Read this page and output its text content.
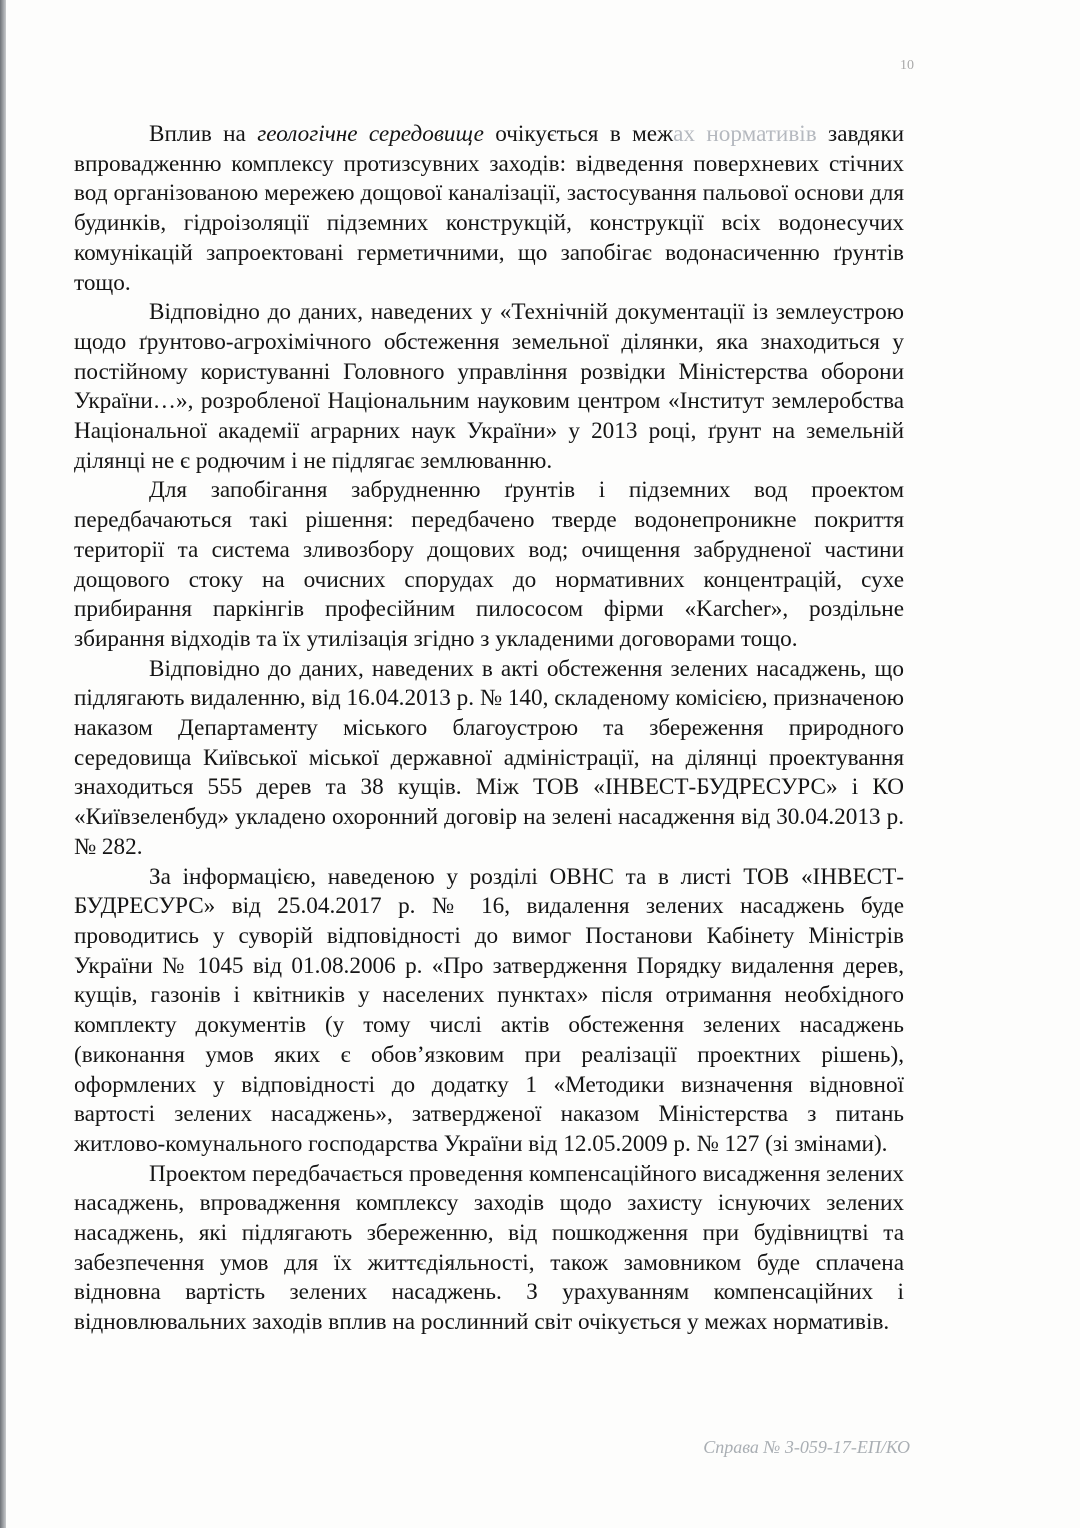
10

Вплив на геологічне середовище очікується в межах нормативів завдяки впровадженню комплексу протизсувних заходів: відведення поверхневих стічних вод організованою мережею дощової каналізації, застосування пальової основи для будинків, гідроізоляції підземних конструкцій, конструкції всіх водонесучих комунікацій запроектовані герметичними, що запобігає водонасиченню ґрунтів тощо.

Відповідно до даних, наведених у «Технічній документації із землеустрою щодо ґрунтово-агрохімічного обстеження земельної ділянки, яка знаходиться у постійному користуванні Головного управління розвідки Міністерства оборони України…», розробленої Національним науковим центром «Інститут землеробства Національної академії аграрних наук України» у 2013 році, ґрунт на земельній ділянці не є родючим і не підлягає землюванню.

Для запобігання забрудненню ґрунтів і підземних вод проектом передбачаються такі рішення: передбачено тверде водонепроникне покриття території та система зливозбору дощових вод; очищення забрудненої частини дощового стоку на очисних спорудах до нормативних концентрацій, сухе прибирання паркінгів професійним пилососом фірми «Karcher», роздільне збирання відходів та їх утилізація згідно з укладеними договорами тощо.

Відповідно до даних, наведених в акті обстеження зелених насаджень, що підлягають видаленню, від 16.04.2013 р. № 140, складеному комісією, призначеною наказом Департаменту міського благоустрою та збереження природного середовища Київської міської державної адміністрації, на ділянці проектування знаходиться 555 дерев та 38 кущів. Між ТОВ «ІНВЕСТ-БУДРЕСУРС» і КО «Київзеленбуд» укладено охоронний договір на зелені насадження від 30.04.2013 р. № 282.

За інформацією, наведеною у розділі ОВНС та в листі ТОВ «ІНВЕСТ-БУДРЕСУРС» від 25.04.2017 р. № 16, видалення зелених насаджень буде проводитись у суворій відповідності до вимог Постанови Кабінету Міністрів України № 1045 від 01.08.2006 р. «Про затвердження Порядку видалення дерев, кущів, газонів і квітників у населених пунктах» після отримання необхідного комплекту документів (у тому числі актів обстеження зелених насаджень (виконання умов яких є обов’язковим при реалізації проектних рішень), оформлених у відповідності до додатку 1 «Методики визначення відновної вартості зелених насаджень», затвердженої наказом Міністерства з питань житлово-комунального господарства України від 12.05.2009 р. № 127 (зі змінами).

Проектом передбачається проведення компенсаційного висадження зелених насаджень, впровадження комплексу заходів щодо захисту існуючих зелених насаджень, які підлягають збереженню, від пошкодження при будівництві та забезпечення умов для їх життєдіяльності, також замовником буде сплачена відновна вартість зелених насаджень. З урахуванням компенсаційних і відновлювальних заходів вплив на рослинний світ очікується у межах нормативів.

Справа № 3-059-17-ЕП/КО
